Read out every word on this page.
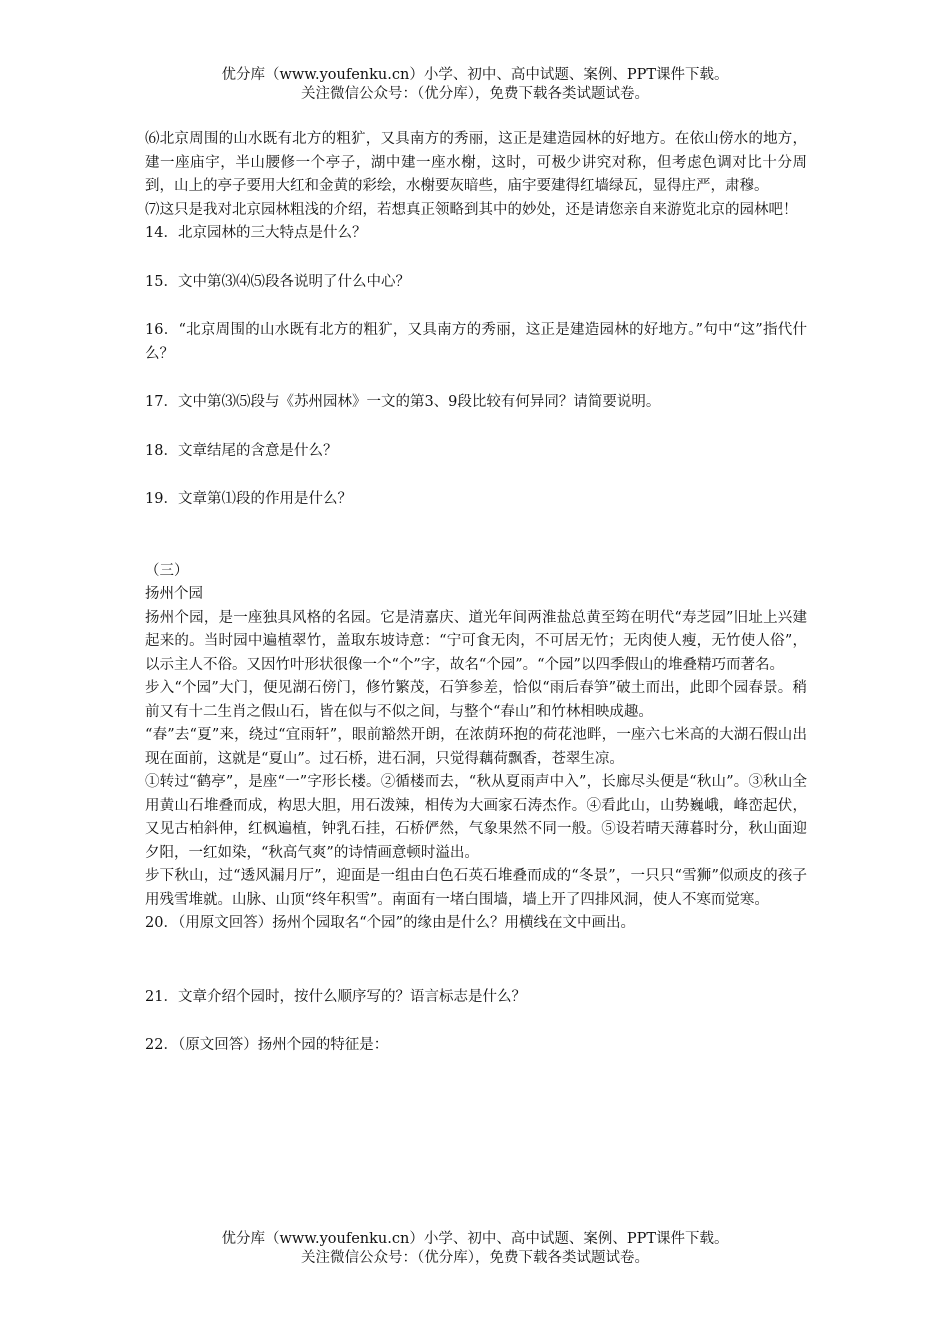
优分库（www.youfenku.cn）小学、初中、高中试题、案例、PPT课件下载。
关注微信公众号：（优分库），免费下载各类试题试卷。

⑹北京周围的山水既有北方的粗犷，又具南方的秀丽，这正是建造园林的好地方。在依山傍水的地方，建一座庙宇，半山腰修一个亭子，湖中建一座水榭，这时，可极少讲究对称，但考虑色调对比十分周到，山上的亭子要用大红和金黄的彩绘，水榭要灰暗些，庙宇要建得红墙绿瓦，显得庄严，肃穆。

⑺这只是我对北京园林粗浅的介绍，若想真正领略到其中的妙处，还是请您亲自来游览北京的园林吧！

14．北京园林的三大特点是什么？

15．文中第⑶⑷⑸段各说明了什么中心？

16．“北京周围的山水既有北方的粗犷，又具南方的秀丽，这正是建造园林的好地方。”句中“这”指代什么？

17．文中第⑶⑸段与《苏州园林》一文的第3、9段比较有何异同？请简要说明。

18．文章结尾的含意是什么？

19．文章第⑴段的作用是什么？

（三）

扬州个园

扬州个园，是一座独具风格的名园。它是清嘉庆、道光年间两淮盐总黄至筠在明代“寿芝园”旧址上兴建起来的。当时园中遍植翠竹，盖取东坡诗意：“宁可食无肉，不可居无竹；无肉使人瘦，无竹使人俗”，以示主人不俗。又因竹叶形状很像一个“个”字，故名“个园”。“个园”以四季假山的堆叠精巧而著名。

步入“个园”大门，便见湖石傍门，修竹繁茂，石笋参差，恰似“雨后春笋”破土而出，此即个园春景。稍前又有十二生肖之假山石，皆在似与不似之间，与整个“春山”和竹林相映成趣。

“春”去“夏”来，绕过“宜雨轩”，眼前豁然开朗，在浓荫环抱的荷花池畔，一座六七米高的大湖石假山出现在面前，这就是“夏山”。过石桥，进石洞，只觉得藕荷飘香，苍翠生凉。

①转过“鹤亭”，是座“一”字形长楼。②循楼而去，“秋从夏雨声中入”，长廊尽头便是“秋山”。③秋山全用黄山石堆叠而成，构思大胆，用石泼辣，相传为大画家石涛杰作。④看此山，山势巍峨，峰峦起伏，又见古柏斜伸，红枫遍植，钟乳石挂，石桥俨然，气象果然不同一般。⑤设若晴天薄暮时分，秋山面迎夕阳，一红如染，“秋高气爽”的诗情画意顿时溢出。

步下秋山，过“透风漏月厅”，迎面是一组由白色石英石堆叠而成的“冬景”，一只只“雪狮”似顽皮的孩子用残雪堆就。山脉、山顶“终年积雪”。南面有一堵白围墙，墙上开了四排风洞，使人不寒而觉寒。

20．（用原文回答）扬州个园取名“个园”的缘由是什么？用横线在文中画出。

21．文章介绍个园时，按什么顺序写的？语言标志是什么？

22．（原文回答）扬州个园的特征是：

优分库（www.youfenku.cn）小学、初中、高中试题、案例、PPT课件下载。
关注微信公众号：（优分库），免费下载各类试题试卷。
